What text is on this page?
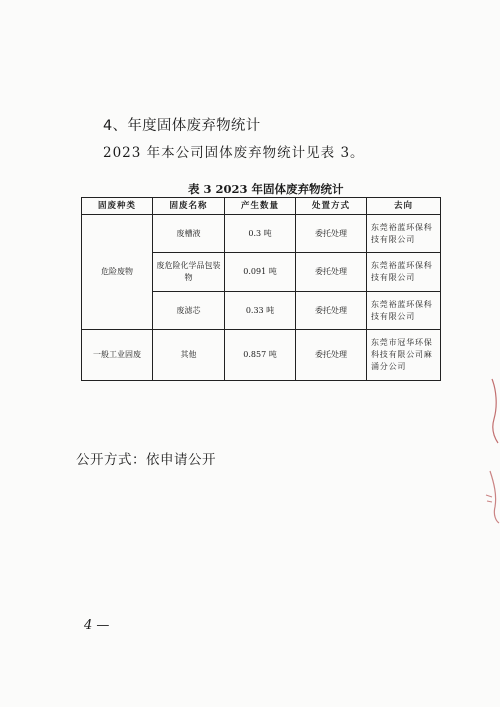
4、年度固体废弃物统计
2023 年本公司固体废弃物统计见表 3。
表 3 2023 年固体废弃物统计
固废种类	固废名称	产生数量	处置方式	去向
危险废物	废槽液	0.3 吨	委托处理	东莞裕蓝环保科技有限公司
	废危险化学品包装物	0.091 吨	委托处理	东莞裕蓝环保科技有限公司
	废滤芯	0.33 吨	委托处理	东莞裕蓝环保科技有限公司
一般工业固废	其他	0.857 吨	委托处理	东莞市冠华环保科技有限公司麻涌分公司
公开方式：依申请公开
4 —
